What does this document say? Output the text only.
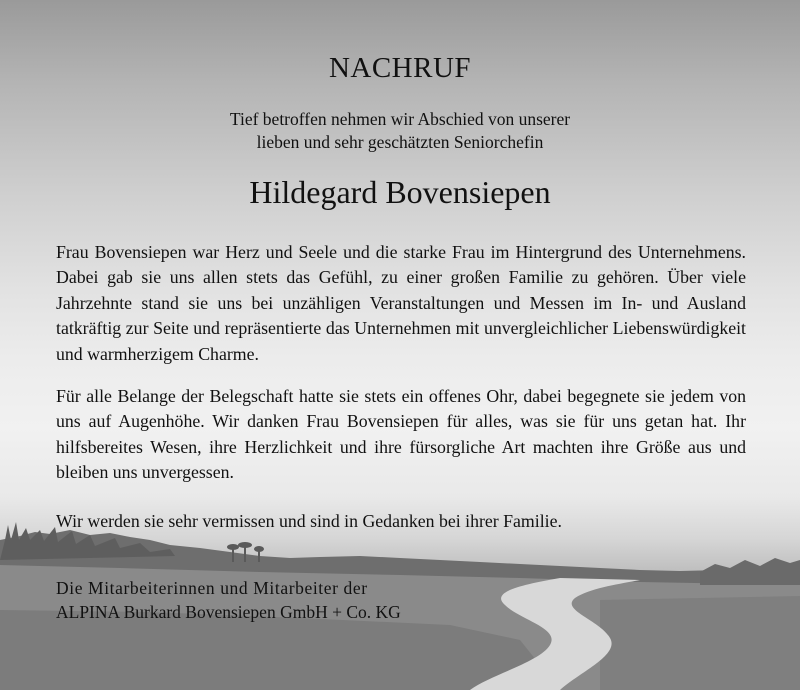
NACHRUF
Tief betroffen nehmen wir Abschied von unserer
lieben und sehr geschätzten Seniorchefin
Hildegard Bovensiepen

Frau Bovensiepen war Herz und Seele und die starke Frau im Hintergrund des Unternehmens. Dabei gab sie uns allen stets das Gefühl, zu einer großen Familie zu gehören. Über viele Jahrzehnte stand sie uns bei unzähligen Veranstaltungen und Messen im In- und Ausland tatkräftig zur Seite und repräsentierte das Unternehmen mit unvergleichlicher Liebenswürdigkeit und warmherzigem Charme.

Für alle Belange der Belegschaft hatte sie stets ein offenes Ohr, dabei begegnete sie jedem von uns auf Augenhöhe. Wir danken Frau Bovensiepen für alles, was sie für uns getan hat. Ihr hilfsbereites Wesen, ihre Herzlichkeit und ihre fürsorgliche Art machten ihre Größe aus und bleiben uns unvergessen.

Wir werden sie sehr vermissen und sind in Gedanken bei ihrer Familie.

Die Mitarbeiterinnen und Mitarbeiter der
ALPINA Burkard Bovensiepen GmbH + Co. KG
